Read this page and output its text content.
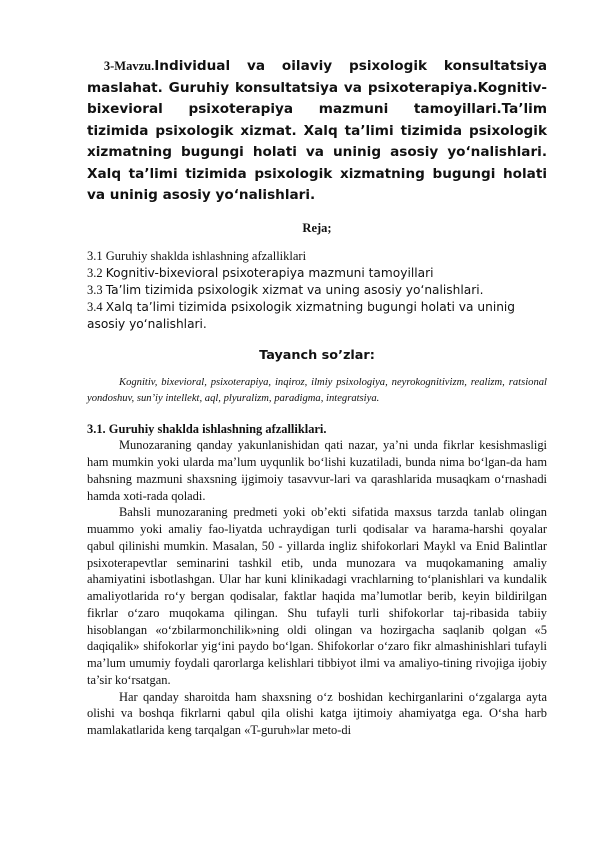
3-Mavzu.Individual va oilaviy psixologik konsultatsiya maslahat. Guruhiy konsultatsiya va psixoterapiya.Kognitiv-bixevioral psixoterapiya mazmuni tamoyillari.Ta’lim tizimida psixologik xizmat. Xalq ta’limi tizimida psixologik xizmatning bugungi holati va uninig asosiy yo‘nalishlari. Xalq ta’limi tizimida psixologik xizmatning bugungi holati va uninig asosiy yo‘nalishlari.

Reja;
3.1 Guruhiy shaklda ishlashning afzalliklari
3.2 Kognitiv-bixevioral psixoterapiya mazmuni tamoyillari
3.3 Ta’lim tizimida psixologik xizmat va uning asosiy yo‘nalishlari.
3.4 Xalq ta’limi tizimida psixologik xizmatning bugungi holati va uninig asosiy yo‘nalishlari.
Tayanch so’zlar:

Kognitiv, bixevioral, psixoterapiya, inqiroz, ilmiy psixologiya, neyrokognitivizm, realizm, ratsional yondoshuv, sun’iy intellekt, aql, plyuralizm, paradigma, integratsiya.

3.1. Guruhiy shaklda ishlashning afzalliklari.

Munozaraning qanday yakunlanishidan qati nazar, ya’ni unda fikrlar kesishmasligi ham mumkin yoki ularda ma’lum uyqunlik bo‘lishi kuzatiladi, bunda nima bo‘lgan-da ham bahsning mazmuni shaxsning ijgimoiy tasavvur-lari va qarashlarida musaqkam o‘rnashadi hamda xoti-rada qoladi.

Bahsli munozaraning predmeti yoki ob’ekti sifatida maxsus tarzda tanlab olingan muammo yoki amaliy fao-liyatda uchraydigan turli qodisalar va harama-harshi qoyalar qabul qilinishi mumkin. Masalan, 50 - yillarda ingliz shifokorlari Maykl va Enid Balintlar psixoterapevtlar seminarini tashkil etib, unda munozara va muqokamaning amaliy ahamiyatini isbotlashgan. Ular har kuni klinikadagi vrachlarning to‘planishlari va kundalik amaliyotlarida ro‘y bergan qodisalar, faktlar haqida ma’lumotlar berib, keyin bildirilgan fikrlar o‘zaro muqokama qilingan. Shu tufayli turli shifokorlar taj-ribasida tabiiy hisoblangan «o‘zbilarmonchilik»ning oldi olingan va hozirgacha saqlanib qolgan «5 daqiqalik» shifokorlar yig‘ini paydo bo‘lgan. Shifokorlar o‘zaro fikr almashinishlari tufayli ma’lum umumiy foydali qarorlarga kelishlari tibbiyot ilmi va amaliyo-tining rivojiga ijobiy ta’sir ko‘rsatgan.

Har qanday sharoitda ham shaxsning o‘z boshidan kechirganlarini o‘zgalarga ayta olishi va boshqa fikrlarni qabul qila olishi katga ijtimoiy ahamiyatga ega. O‘sha harb mamlakatlarida keng tarqalgan «T-guruh»lar meto-di
